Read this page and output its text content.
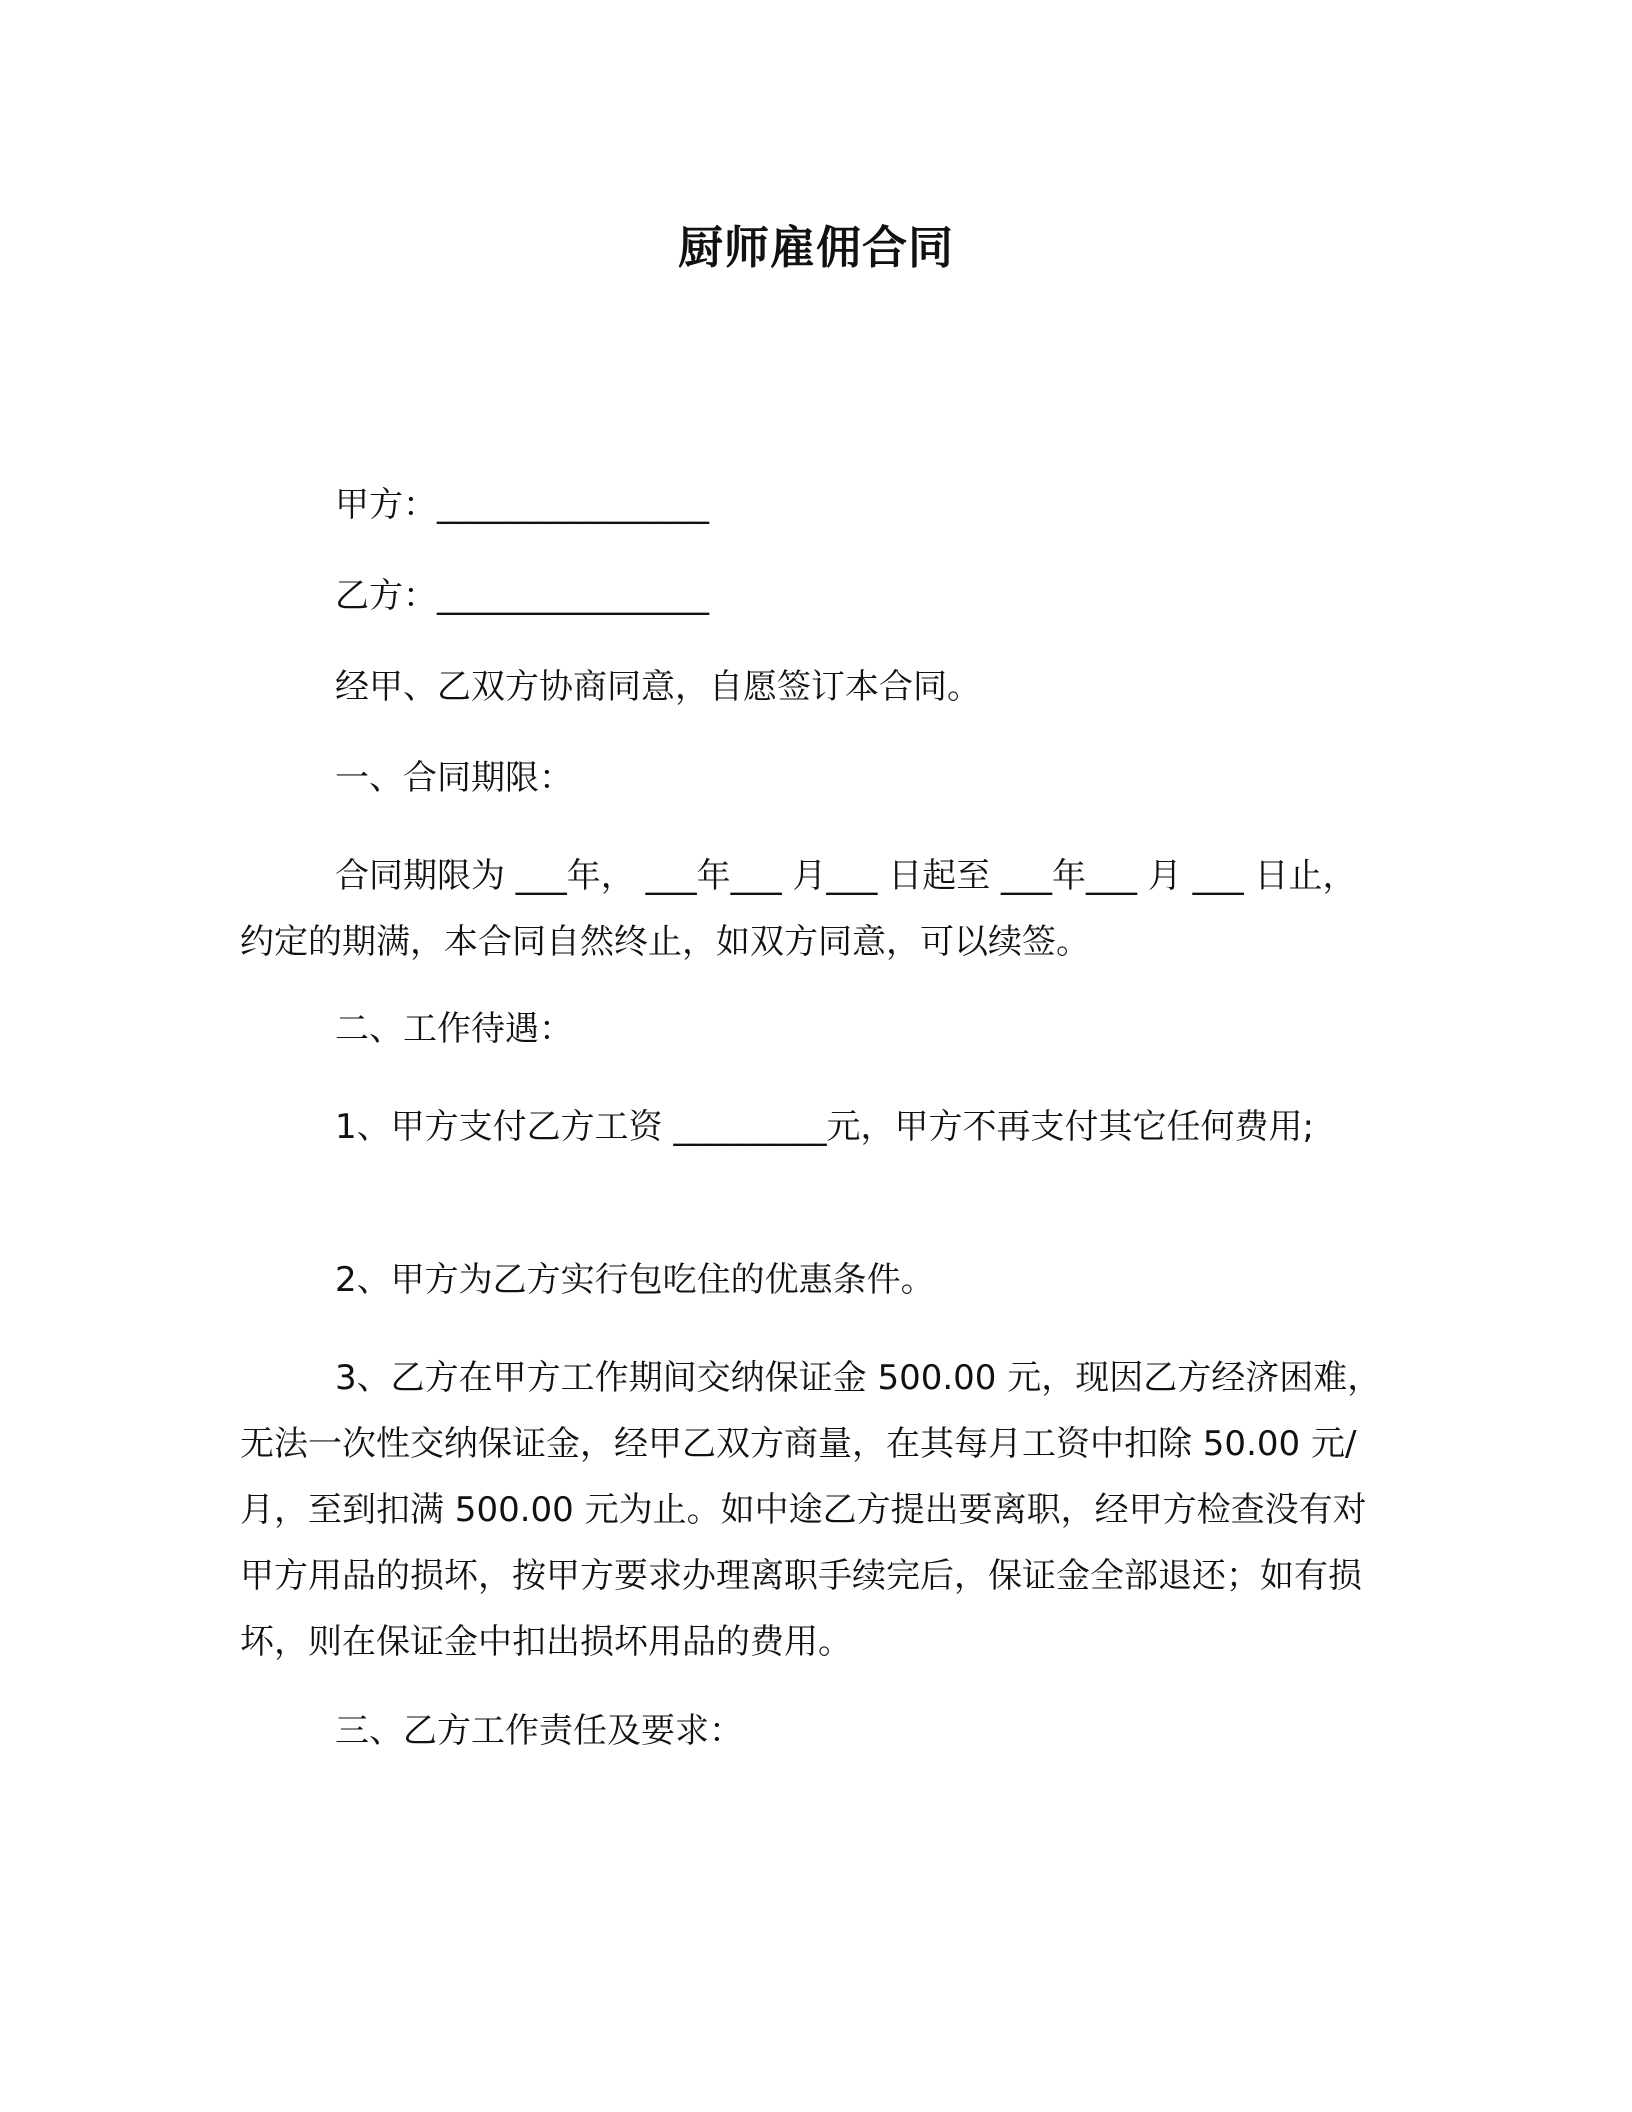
厨师雇佣合同
甲方：________________
乙方：________________
经甲、乙双方协商同意，自愿签订本合同。
一、合同期限：
合同期限为 ___年， ___年___ 月___ 日起至 ___年___ 月 ___ 日止，约定的期满，本合同自然终止，如双方同意，可以续签。
二、工作待遇：
1、甲方支付乙方工资 _________元，甲方不再支付其它任何费用;
2、甲方为乙方实行包吃住的优惠条件。
3、乙方在甲方工作期间交纳保证金 500.00 元，现因乙方经济困难，无法一次性交纳保证金，经甲乙双方商量，在其每月工资中扣除 50.00 元/月，至到扣满 500.00 元为止。如中途乙方提出要离职，经甲方检查没有对甲方用品的损坏，按甲方要求办理离职手续完后，保证金全部退还；如有损坏，则在保证金中扣出损坏用品的费用。
三、乙方工作责任及要求：
